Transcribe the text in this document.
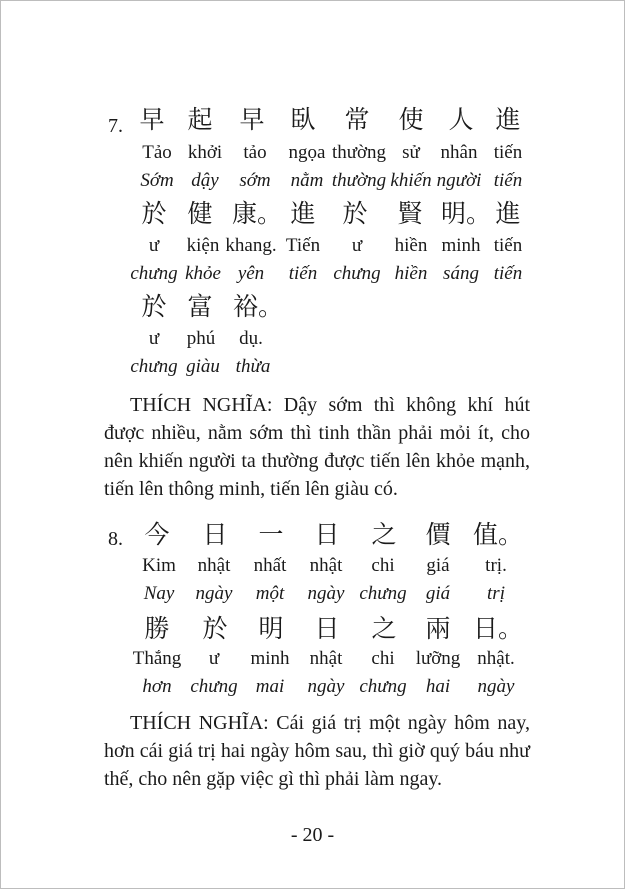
7. 早 起 早 臥 常 使 人 進
Tảo khởi tảo ngọa thường sử nhân tiến
Sớm dậy sớm nằm thường khiến người tiến
於 健 康。 進 於 賢 明。 進
ư kiện khang. Tiến ư hiền minh tiến
chưng khỏe yên tiến chưng hiền sáng tiến
於 富 裕。
ư phú dụ.
chưng giàu thừa
THÍCH NGHĨA: Dậy sớm thì không khí hút được nhiều, nằm sớm thì tinh thần phải mỏi ít, cho nên khiến người ta thường được tiến lên khỏe mạnh, tiến lên thông minh, tiến lên giàu có.
8. 今 日 一 日 之 價 值。
Kim nhật nhất nhật chi giá trị.
Nay ngày một ngày chưng giá trị
勝 於 明 日 之 兩 日。
Thắng ư minh nhật chi lưỡng nhật.
hơn chưng mai ngày chưng hai ngày
THÍCH NGHĨA: Cái giá trị một ngày hôm nay, hơn cái giá trị hai ngày hôm sau, thì giờ quý báu như thế, cho nên gặp việc gì thì phải làm ngay.
- 20 -
